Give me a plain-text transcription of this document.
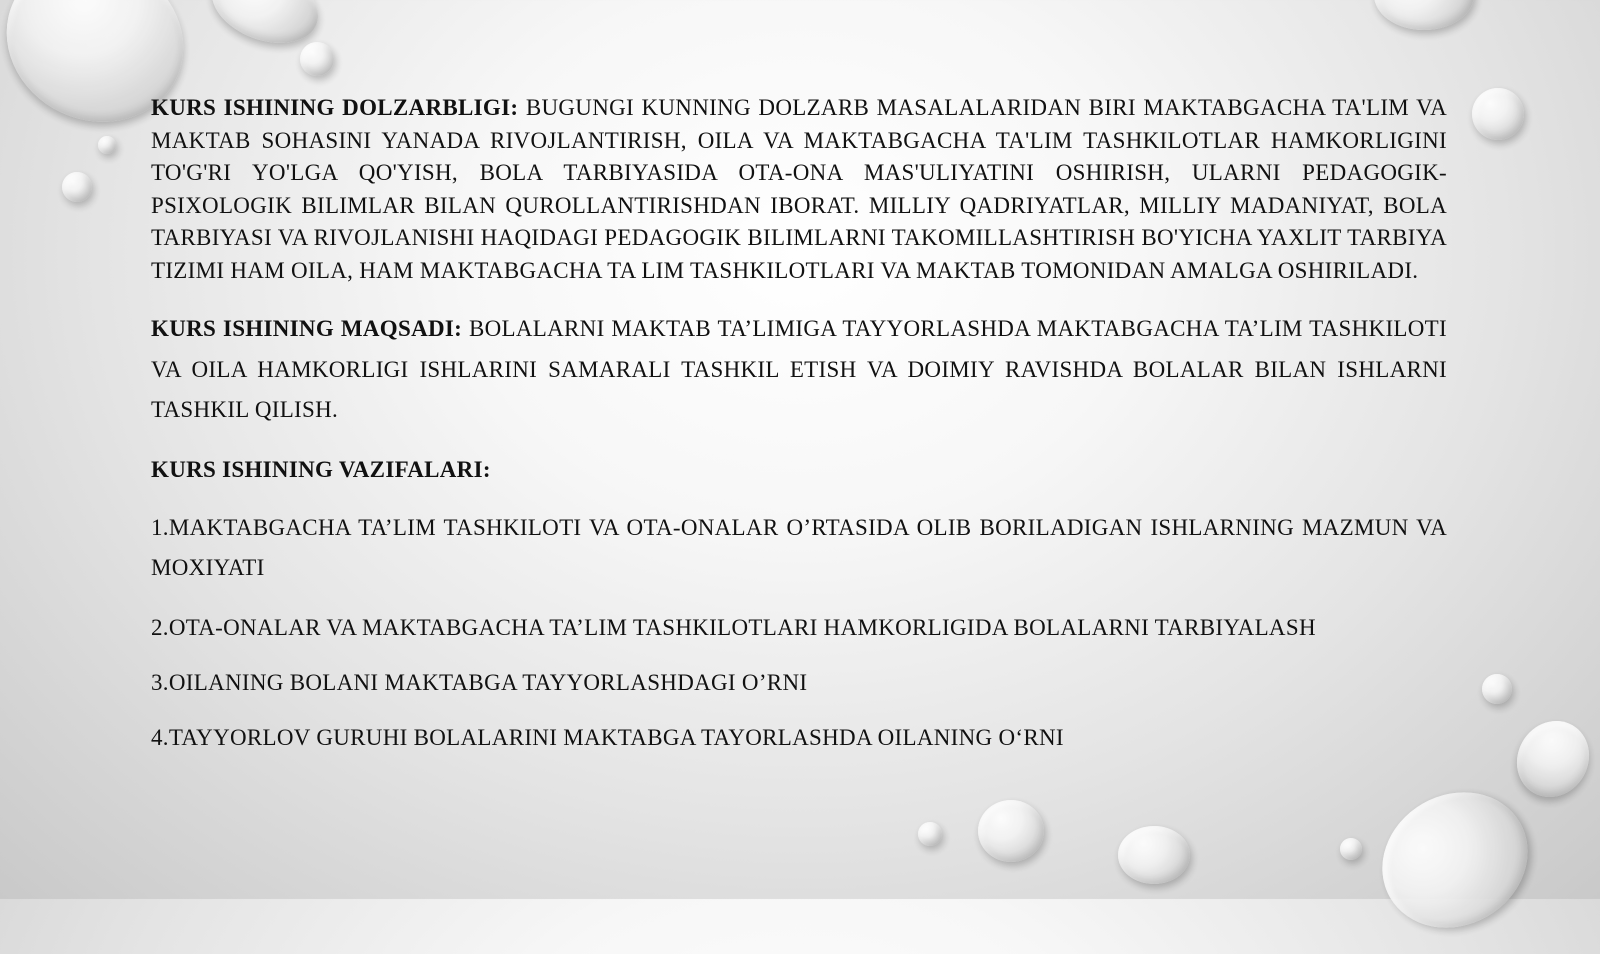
KURS ISHINING DOLZARBLIGI: BUGUNGI KUNNING DOLZARB MASALALARIDAN BIRI MAKTABGACHA TA'LIM VA MAKTAB SOHASINI YANADA RIVOJLANTIRISH, OILA VA MAKTABGACHA TA'LIM TASHKILOTLAR HAMKORLIGINI TO'G'RI YO'LGA QO'YISH, BOLA TARBIYASIDA OTA-ONA MAS'ULIYATINI OSHIRISH, ULARNI PEDAGOGIK-PSIXOLOGIK BILIMLAR BILAN QUROLLANTIRISHDAN IBORAT. MILLIY QADRIYATLAR, MILLIY MADANIYAT, BOLA TARBIYASI VA RIVOJLANISHI HAQIDAGI PEDAGOGIK BILIMLARNI TAKOMILLASHTIRISH BO'YICHA YAXLIT TARBIYA TIZIMI HAM OILA, HAM MAKTABGACHA TA LIM TASHKILOTLARI VA MAKTAB TOMONIDAN AMALGA OSHIRILADI.

KURS ISHINING MAQSADI: BOLALARNI MAKTAB TA’LIMIGA TAYYORLASHDA MAKTABGACHA TA’LIM TASHKILOTI VA OILA HAMKORLIGI ISHLARINI SAMARALI TASHKIL ETISH VA DOIMIY RAVISHDA BOLALAR BILAN ISHLARNI TASHKIL QILISH.

KURS ISHINING VAZIFALARI:

1.MAKTABGACHA TA’LIM TASHKILOTI VA OTA-ONALAR O’RTASIDA OLIB BORILADIGAN ISHLARNING MAZMUN VA MOXIYATI

2.OTA-ONALAR VA MAKTABGACHA TA’LIM TASHKILOTLARI HAMKORLIGIDA BOLALARNI TARBIYALASH

3.OILANING BOLANI MAKTABGA TAYYORLASHDAGI O’RNI

4.TAYYORLOV GURUHI BOLALARINI MAKTABGA TAYORLASHDA OILANING O‘RNI
